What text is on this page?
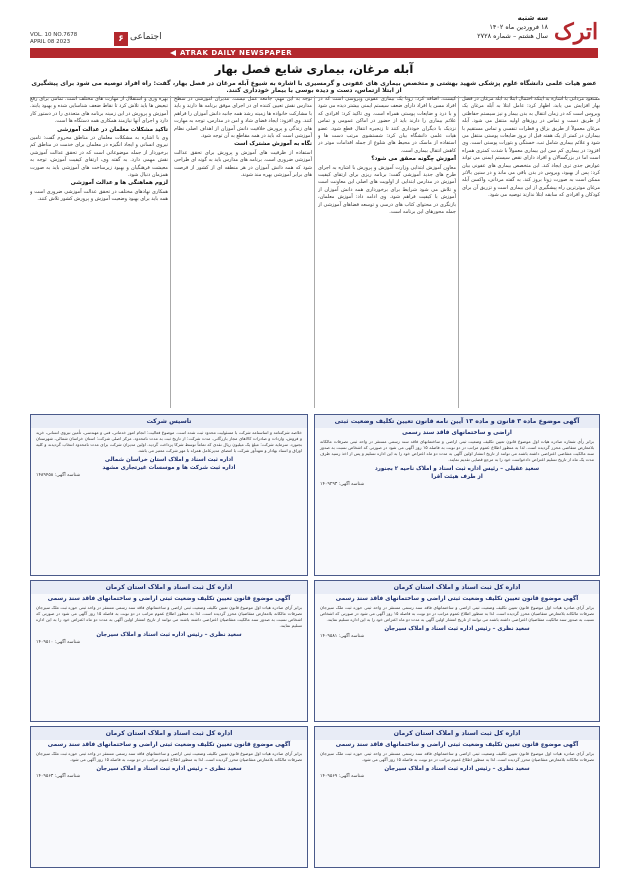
اترک
سه شنبه
۱۸ فروردین ماه ۱۴۰۲
سال هشتم – شماره ۲۷۲۸
VOL. 10 NO.7678
APRIL 08 2023	۶ اجتماعی
ATRAK DAILY NEWSPAPER
آبله مرغان، بیماری شایع فصل بهار
عضو هیات علمی دانشگاه علوم پزشکی شهید بهشتی و متخصص بیماری های عفونی و گرمسیری با اشاره به شیوع آبله مرغان در فصل بهار، گفت: راه افراد توصیه می شود برای پیشگیری از ابتلا ازتماس، دست و دیده بوسی با بیمار خودداری کنند.
مسعود مردانی با اشاره به اینکه احتمال ابتلا به آبله مرغان در فصل بهار افزایش می یابد، اظهار کرد: عامل ابتلا به آبله مرغان یک ویروس است که در زمان انتقال به بدن بیمار و نیز سیستم حفاظتی از طریق دست و تماس در روزهای اولیه منتقل می شود. آبله مرغان معمولاً از طریق بزاق و قطرات تنفسی و تماس مستقیم با بیماران در کمتر از یک هفته قبل از بروز ضایعات پوستی منتقل می شود و علائم بیماری شامل تب، خستگی و بثورات پوستی است. وی افزود: در بیماری کم سن این بیماری معمولاً با شدت کمتری همراه است اما در بزرگسالان و افراد دارای نقص سیستم ایمنی می تواند عوارض جدی تری ایجاد کند. این متخصص بیماری های عفونی بیان کرد: پس از بهبود، ویروس در بدن باقی می ماند و در سنین بالاتر ممکن است به صورت زونا بروز کند. به گفته مردانی، واکسن آبله مرغان موثرترین راه پیشگیری از این بیماری است و تزریق آن برای کودکان و افرادی که سابقه ابتلا ندارند توصیه می شود.
کیست، اضافه کرد: زونا یک بیماری عفونی ویروسی است که در افراد مسن یا افراد دارای ضعف سیستم ایمنی بیشتر دیده می شود و با درد و ضایعات پوستی همراه است. وی تاکید کرد: افرادی که علائم بیماری را دارند باید از حضور در اماکن عمومی و تماس نزدیک با دیگران خودداری کنند تا زنجیره انتقال قطع شود. عضو هیات علمی دانشگاه بیان کرد: شستشوی مرتب دست ها و استفاده از ماسک در محیط های شلوغ از جمله اقدامات موثر در کاهش انتقال بیماری است.
آموزش چگونه محقق می شود؟
معاون آموزش ابتدایی وزارت آموزش و پرورش با اشاره به اجرای طرح های جدید آموزشی گفت: برنامه ریزی برای ارتقای کیفیت آموزش در مدارس ابتدایی از اولویت های اصلی این معاونت است و تلاش می شود شرایط برای برخورداری همه دانش آموزان از آموزش با کیفیت فراهم شود. وی ادامه داد: آموزش معلمان، بازنگری در محتوای کتاب های درسی و توسعه فضاهای آموزشی از جمله محورهای این برنامه است.
توجه به این مهم، جامعه عمل نیست. مدیران آموزشی در سطح مدارس نقش تعیین کننده ای در اجرای موفق برنامه ها دارند و باید با مشارکت خانواده ها زمینه رشد همه جانبه دانش آموزان را فراهم کنند. وی افزود: ایجاد فضای شاد و امن در مدارس، توجه به مهارت های زندگی و پرورش خلاقیت دانش آموزان از اهداف اصلی نظام آموزشی است که باید در همه مقاطع به آن توجه شود.
نگاه به آموزش مشترک است
استفاده از ظرفیت های آموزش و پرورش برای تحقق عدالت آموزشی ضروری است. برنامه های مدارس باید به گونه ای طراحی شود که همه دانش آموزان در هر منطقه ای از کشور از فرصت های برابر آموزشی بهره مند شوند.
بهره وری و استقلال از مهارت های مختلف است. تمامی برای رفع تبعیض ها باید تلاش کرد تا نقاط ضعف شناسایی شده و بهبود یابند. آموزش و پرورش در این زمینه برنامه های متعددی را در دستور کار دارد و اجرای آنها نیازمند همکاری همه دستگاه ها است.
تاکید مشکلات معلمان در عدالت آموزشی
وی با اشاره به مشکلات معلمان در مناطق محروم گفت: تامین نیروی انسانی و ایجاد انگیزه در معلمان برای خدمت در مناطق کم برخوردار از جمله موضوعاتی است که در تحقق عدالت آموزشی نقش مهمی دارد. به گفته وی، ارتقای کیفیت آموزش، توجه به معیشت فرهنگیان و بهبود زیرساخت های آموزشی باید به صورت همزمان دنبال شود.
لزوم هماهنگی ها و عدالت آموزشی
همکاری نهادهای مختلف در تحقق عدالت آموزشی ضروری است و همه باید برای بهبود وضعیت آموزش و پرورش کشور تلاش کنند.
تاسیس شرکت
خلاصه شرکتنامه و اساسنامه شرکت با مسئولیت محدود ثبت شده است. موضوع فعالیت: انجام امور خدماتی، فنی و مهندسی، تأمین نیروی انسانی، خرید و فروش، واردات و صادرات کالاهای مجاز بازرگانی. مدت شرکت: از تاریخ ثبت به مدت نامحدود. مرکز اصلی شرکت: استان خراسان شمالی، شهرستان بجنورد. سرمایه شرکت: مبلغ یک میلیون ریال نقدی که تماماً توسط شرکا پرداخت گردید. اولین مدیران شرکت برای مدت نامحدود انتخاب گردیدند و کلیه اوراق و اسناد بهادار و تعهدآور شرکت با امضای مدیرعامل همراه با مهر شرکت معتبر می باشد.
اداره ثبت اسناد و املاک استان خراسان شمالی
اداره ثبت شرکت ها و موسسات غیرتجاری مشهد
شناسه آگهی: ۱۴۸۹۴۵۸
آگهی موضوع ماده ۳ قانون و ماده ۱۳ آیین نامه قانون تعیین تکلیف وضعیت ثبتی
اراضی و ساختمانهای فاقد سند رسمی
برابر رأی شماره صادره هیات اول موضوع قانون تعیین تکلیف وضعیت ثبتی اراضی و ساختمانهای فاقد سند رسمی مستقر در واحد ثبتی تصرفات مالکانه بلامعارض متقاضی محرز گردیده است. لذا به منظور اطلاع عموم مراتب در دو نوبت به فاصله ۱۵ روز آگهی می شود در صورتی که اشخاص نسبت به صدور سند مالکیت متقاضی اعتراضی داشته باشند می توانند از تاریخ انتشار اولین آگهی به مدت دو ماه اعتراض خود را به این اداره تسلیم و پس از اخذ رسید ظرف مدت یک ماه از تاریخ تسلیم اعتراض دادخواست خود را به مرجع قضایی تقدیم نمایند.
سعید عقیلی – رئیس اداره ثبت اسناد و املاک ناحیه ۲ بجنورد
از طرف هیئت آقرا
شناسه آگهی: ۱۴۰۹۲۹۳
اداره کل ثبت اسناد و املاک استان کرمان
آگهی موضوع قانون تعیین تکلیف وضعیت ثبتی اراضی و ساختمانهای فاقد سند رسمی
برابر آرای صادره هیات اول موضوع قانون تعیین تکلیف وضعیت ثبتی اراضی و ساختمانهای فاقد سند رسمی مستقر در واحد ثبتی حوزه ثبت ملک سیرجان تصرفات مالکانه بلامعارض متقاضیان محرز گردیده است. لذا به منظور اطلاع عموم مراتب در دو نوبت به فاصله ۱۵ روز آگهی می شود در صورتی که اشخاص نسبت به صدور سند مالکیت متقاضیان اعتراضی داشته باشند می توانند از تاریخ انتشار اولین آگهی به مدت دو ماه اعتراض خود را به این اداره تسلیم نمایند.
سعید نظری – رئیس اداره ثبت اسناد و املاک سیرجان
شناسه آگهی: ۱۴۰۹۵۱۰
اداره کل ثبت اسناد و املاک استان کرمان
آگهی موضوع قانون تعیین تکلیف وضعیت ثبتی اراضی و ساختمانهای فاقد سند رسمی
برابر آرای صادره هیات اول موضوع قانون تعیین تکلیف وضعیت ثبتی اراضی و ساختمانهای فاقد سند رسمی مستقر در واحد ثبتی حوزه ثبت ملک سیرجان تصرفات مالکانه بلامعارض متقاضیان محرز گردیده است. لذا به منظور اطلاع عموم مراتب در دو نوبت به فاصله ۱۵ روز آگهی می شود در صورتی که اشخاص نسبت به صدور سند مالکیت متقاضیان اعتراضی داشته باشند می توانند از تاریخ انتشار اولین آگهی به مدت دو ماه اعتراض خود را به این اداره تسلیم نمایند.
سعید نظری – رئیس اداره ثبت اسناد و املاک سیرجان
شناسه آگهی: ۱۴۰۹۵۸۱
اداره کل ثبت اسناد و املاک استان کرمان
آگهی موضوع قانون تعیین تکلیف وضعیت ثبتی اراضی و ساختمانهای فاقد سند رسمی
برابر آرای صادره هیات اول موضوع قانون تعیین تکلیف وضعیت ثبتی اراضی و ساختمانهای فاقد سند رسمی مستقر در واحد ثبتی حوزه ثبت ملک سیرجان تصرفات مالکانه بلامعارض متقاضیان محرز گردیده است. لذا به منظور اطلاع عموم مراتب در دو نوبت به فاصله ۱۵ روز آگهی می شود.
سعید نظری – رئیس اداره ثبت اسناد و املاک سیرجان
شناسه آگهی: ۱۴۰۹۵۶۳
اداره کل ثبت اسناد و املاک استان کرمان
آگهی موضوع قانون تعیین تکلیف وضعیت ثبتی اراضی و ساختمانهای فاقد سند رسمی
برابر آرای صادره هیات اول موضوع قانون تعیین تکلیف وضعیت ثبتی اراضی و ساختمانهای فاقد سند رسمی مستقر در واحد ثبتی حوزه ثبت ملک سیرجان تصرفات مالکانه بلامعارض متقاضیان محرز گردیده است. لذا به منظور اطلاع عموم مراتب در دو نوبت به فاصله ۱۵ روز آگهی می شود.
سعید نظری – رئیس اداره ثبت اسناد و املاک سیرجان
شناسه آگهی: ۱۴۰۹۵۶۹
